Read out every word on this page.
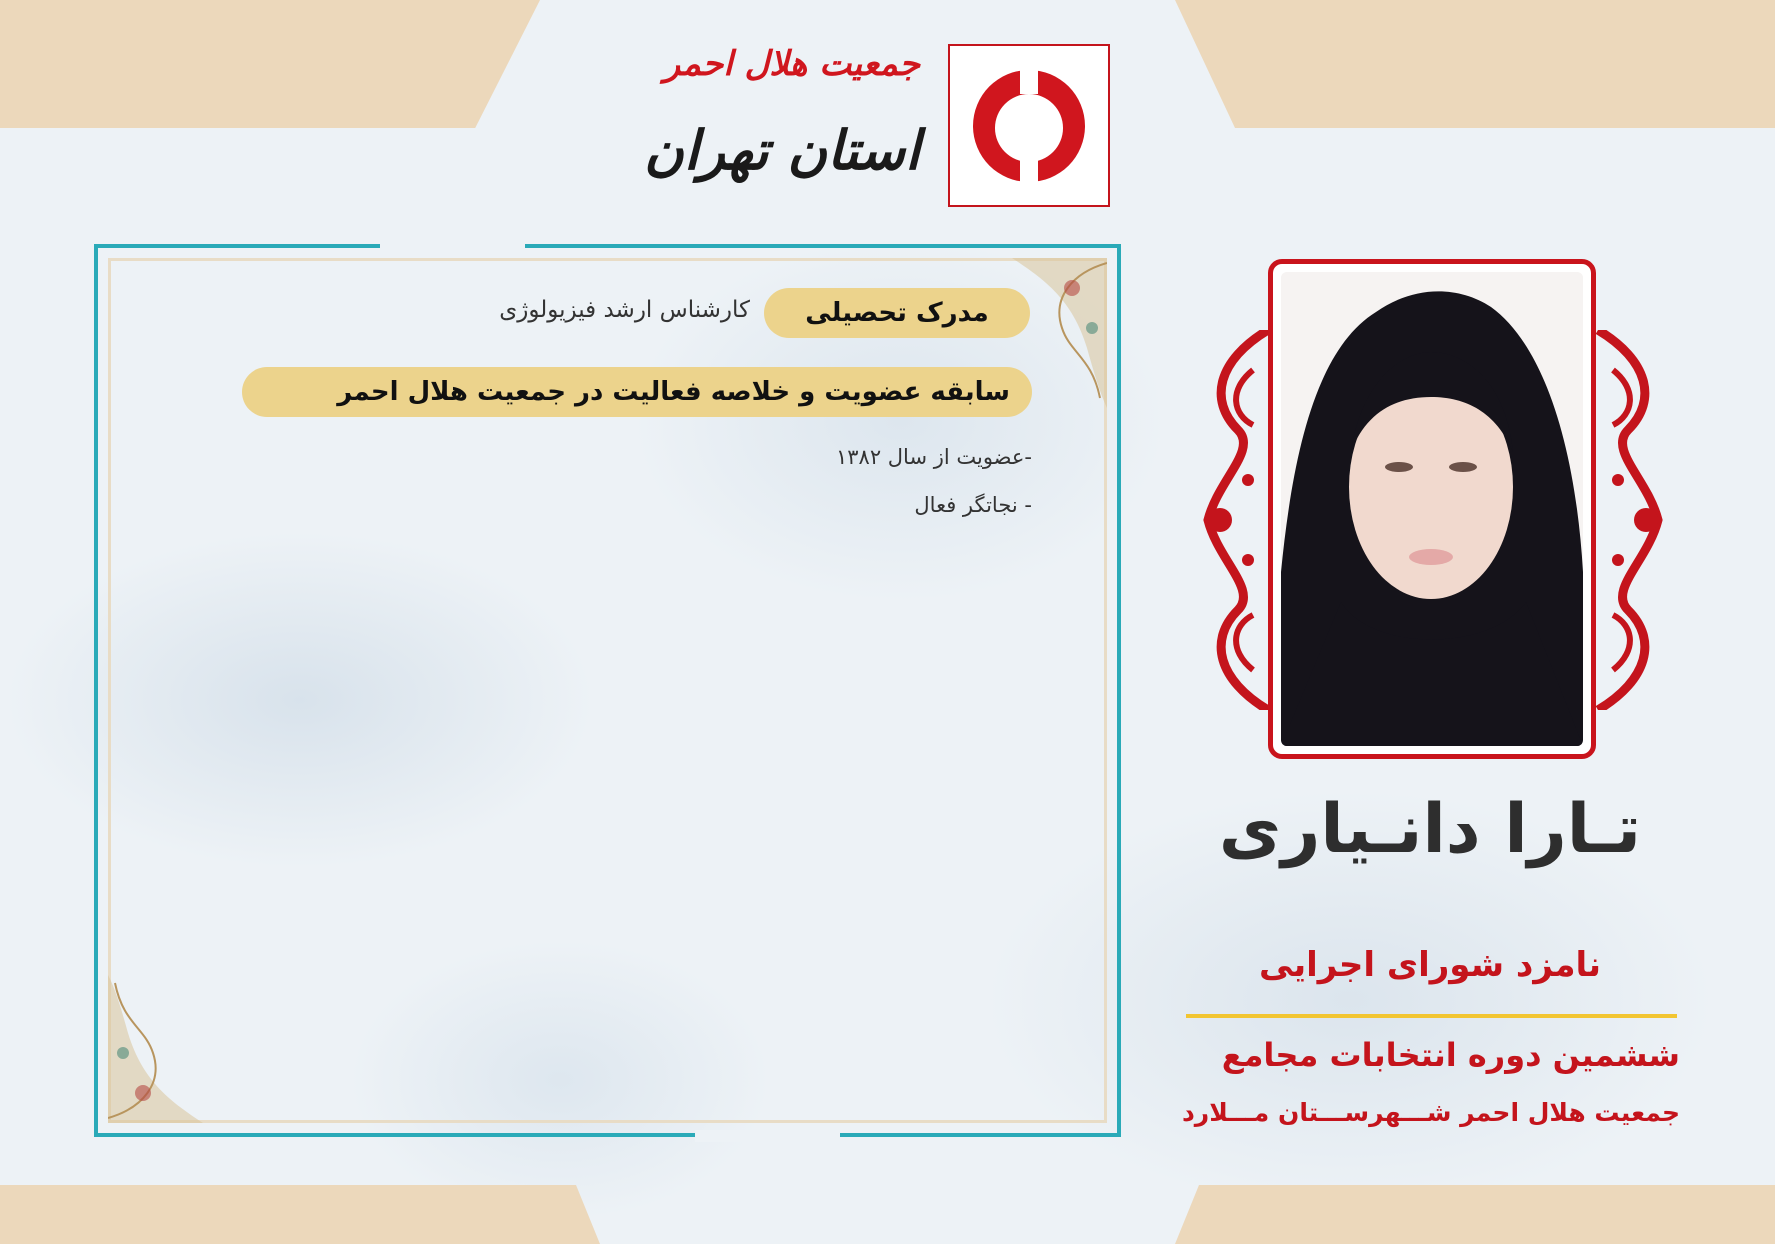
جمعیت هلال احمر
استان تهران
مدرک تحصیلی
کارشناس ارشد فیزیولوژی
سابقه عضویت و خلاصه فعالیت در جمعیت هلال احمر
-عضویت از سال ۱۳۸۲
- نجاتگر فعال
تـارا دانـیاری
نامزد شورای اجرایی
ششمین دوره انتخابات مجامع
جمعیت هلال احمر شـــهرســـتان مـــلارد
